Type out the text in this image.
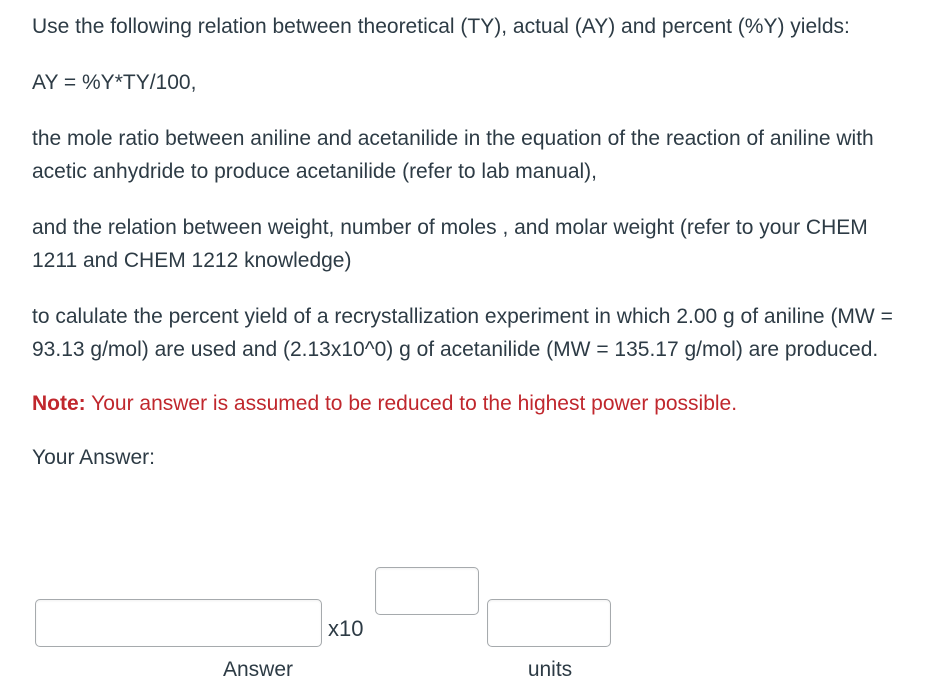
Use the following relation between theoretical (TY), actual (AY) and percent (%Y) yields:

AY = %Y*TY/100,

the mole ratio between aniline and acetanilide in the equation of the reaction of aniline with acetic anhydride to produce acetanilide (refer to lab manual),

and the relation between weight, number of moles , and molar weight (refer to your CHEM 1211 and CHEM 1212 knowledge)

to calulate the percent yield of a recrystallization experiment in which 2.00 g of aniline (MW = 93.13 g/mol) are used and (2.13x10^0) g of acetanilide (MW = 135.17 g/mol) are produced.

Note: Your answer is assumed to be reduced to the highest power possible.

Your Answer:

x10
Answer	units
